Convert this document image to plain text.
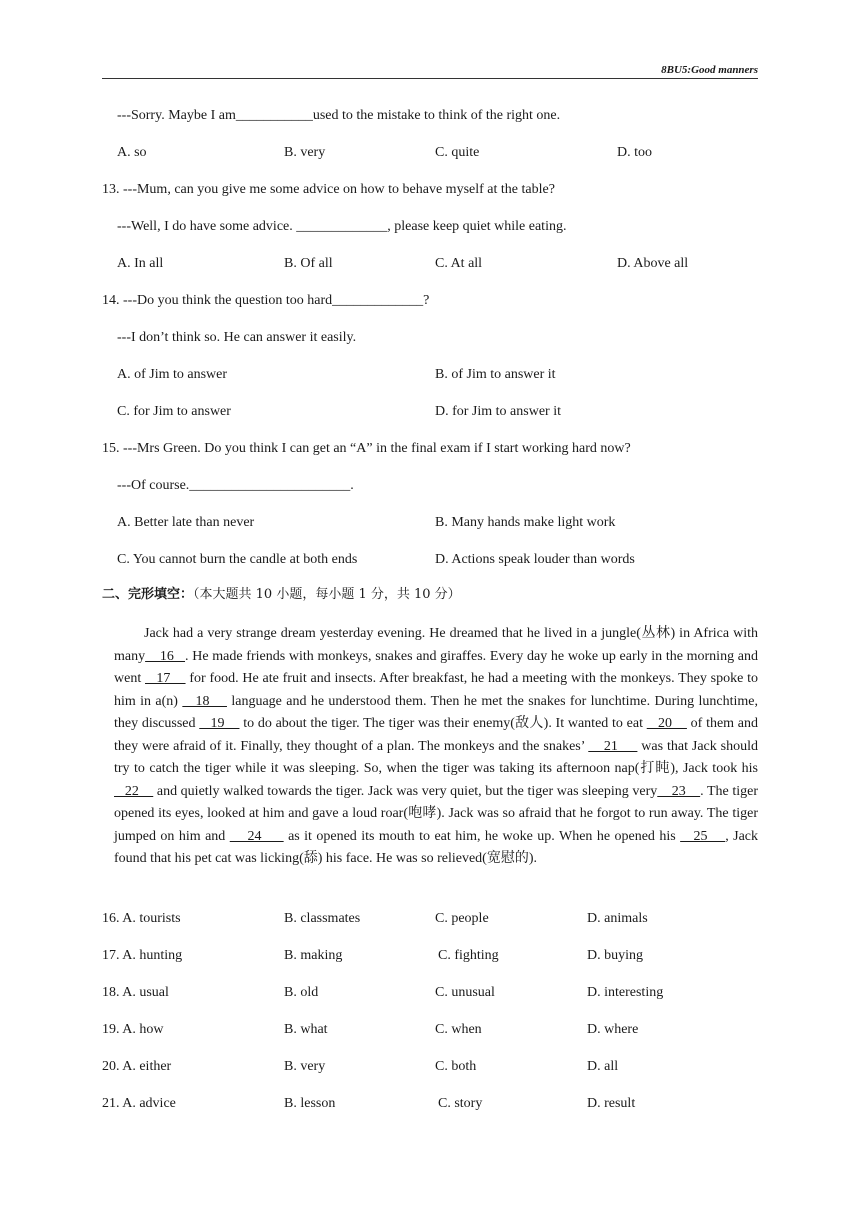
8BU5:Good manners
---Sorry. Maybe I am___________used to the mistake to think of the right one.
A. so	B. very	C. quite	D. too
13. ---Mum, can you give me some advice on how to behave myself at the table?
---Well, I do have some advice. _____________, please keep quiet while eating.
A. In all	B. Of all	C. At all	D. Above all
14. ---Do you think the question too hard_____________?
---I don’t think so. He can answer it easily.
A. of Jim to answer	B. of Jim to answer it
C. for Jim to answer	D. for Jim to answer it
15. ---Mrs Green. Do you think I can get an “A” in the final exam if I start working hard now?
---Of course._______________________.
A. Better late than never	B. Many hands make light work
C. You cannot burn the candle at both ends	D. Actions speak louder than words
二、完形填空：（本大题共 10 小题，每小题 1 分，共 10 分）
Jack had a very strange dream yesterday evening. He dreamed that he lived in a jungle(丛林) in Africa with many    16   . He made friends with monkeys, snakes and giraffes. Every day he woke up early in the morning and went    17     for food. He ate fruit and insects. After breakfast, he had a meeting with the monkeys. They spoke to him in a(n)    18     language and he understood them. Then he met the snakes for lunchtime. During lunchtime, they discussed    19     to do about the tiger. The tiger was their enemy(敌人). It wanted to eat    20     of them and they were afraid of it. Finally, they thought of a plan. The monkeys and the snakes’     21      was that Jack should try to catch the tiger while it was sleeping. So, when the tiger was taking its afternoon nap(打盹), Jack took his    22     and quietly walked towards the tiger. Jack was very quiet, but the tiger was sleeping very    23    . The tiger opened its eyes, looked at him and gave a loud roar(咆哮). Jack was so afraid that he forgot to run away. The tiger jumped on him and     24      as it opened its mouth to eat him, he woke up. When he opened his    25    , Jack found that his pet cat was licking(舔) his face. He was so relieved(宽慰的).
16. A. tourists	B. classmates	C. people	D. animals
17. A. hunting	B. making	C. fighting	D. buying
18. A. usual	B. old	C. unusual	D. interesting
19. A. how	B. what	C. when	D. where
20. A. either	B. very	C. both	D. all
21. A. advice	B. lesson	C. story	D. result
